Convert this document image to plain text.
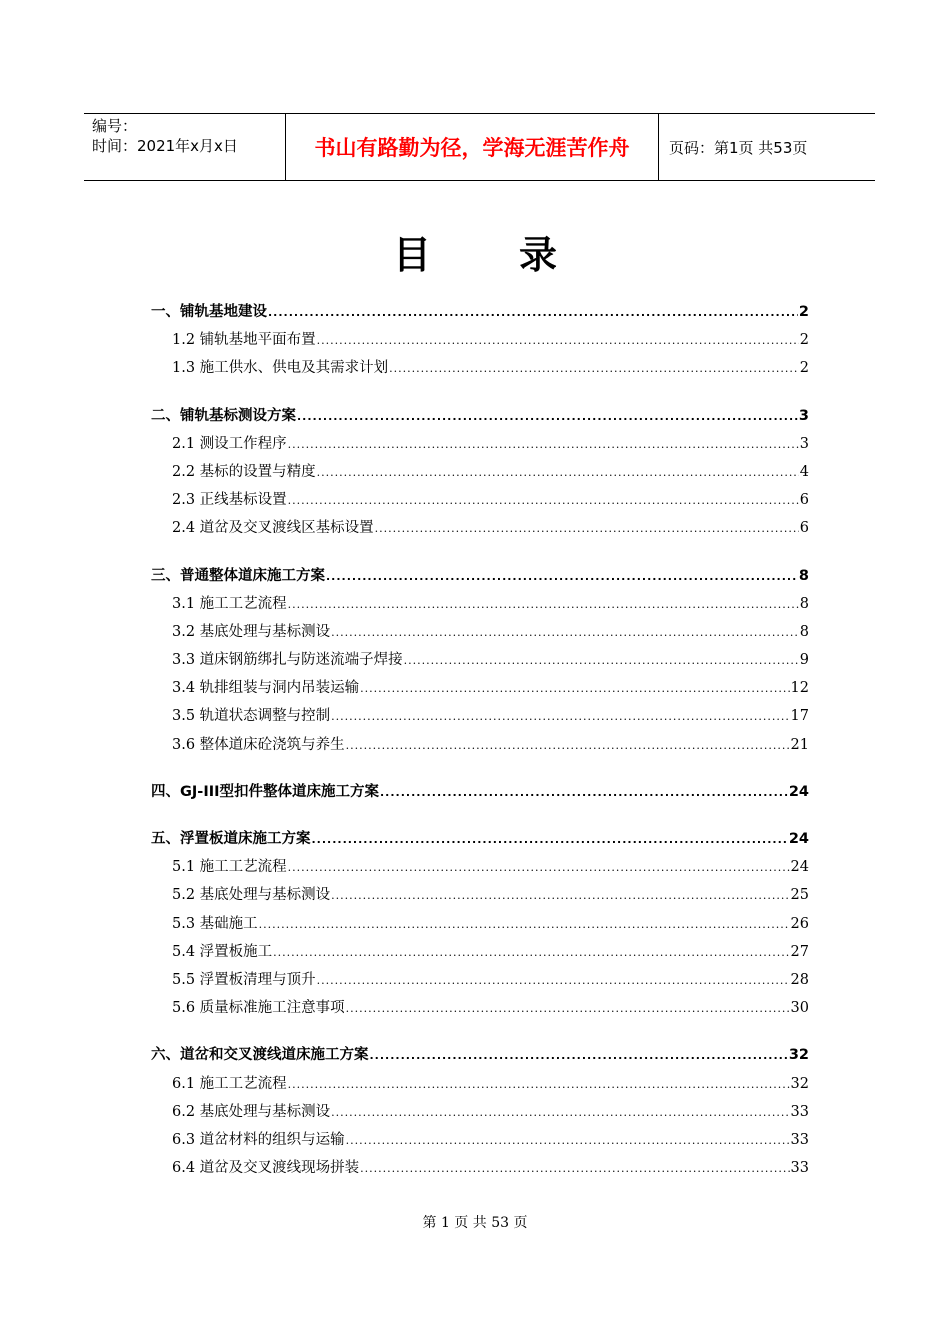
编号：
时间：2021年x月x日	书山有路勤为径，学海无涯苦作舟	页码：第1页 共53页
目录
一、铺轨基地建设 .....	2
1.2 铺轨基地平面布置 .....	2
1.3 施工供水、供电及其需求计划 .....	2
二、铺轨基标测设方案 .....	3
2.1 测设工作程序 .....	3
2.2 基标的设置与精度 .....	4
2.3 正线基标设置 .....	6
2.4 道岔及交叉渡线区基标设置 .....	6
三、普通整体道床施工方案 .....	8
3.1 施工工艺流程 .....	8
3.2 基底处理与基标测设 .....	8
3.3 道床钢筋绑扎与防迷流端子焊接 .....	9
3.4 轨排组装与洞内吊装运输 .....	12
3.5 轨道状态调整与控制 .....	17
3.6 整体道床砼浇筑与养生 .....	21
四、GJ-III型扣件整体道床施工方案 .....	24
五、浮置板道床施工方案 .....	24
5.1 施工工艺流程 .....	24
5.2 基底处理与基标测设 .....	25
5.3 基础施工 .....	26
5.4 浮置板施工 .....	27
5.5 浮置板清理与顶升 .....	28
5.6 质量标准施工注意事项 .....	30
六、道岔和交叉渡线道床施工方案 .....	32
6.1 施工工艺流程 .....	32
6.2 基底处理与基标测设 .....	33
6.3 道岔材料的组织与运输 .....	33
6.4 道岔及交叉渡线现场拼装 .....	33
第 1 页 共 53 页
